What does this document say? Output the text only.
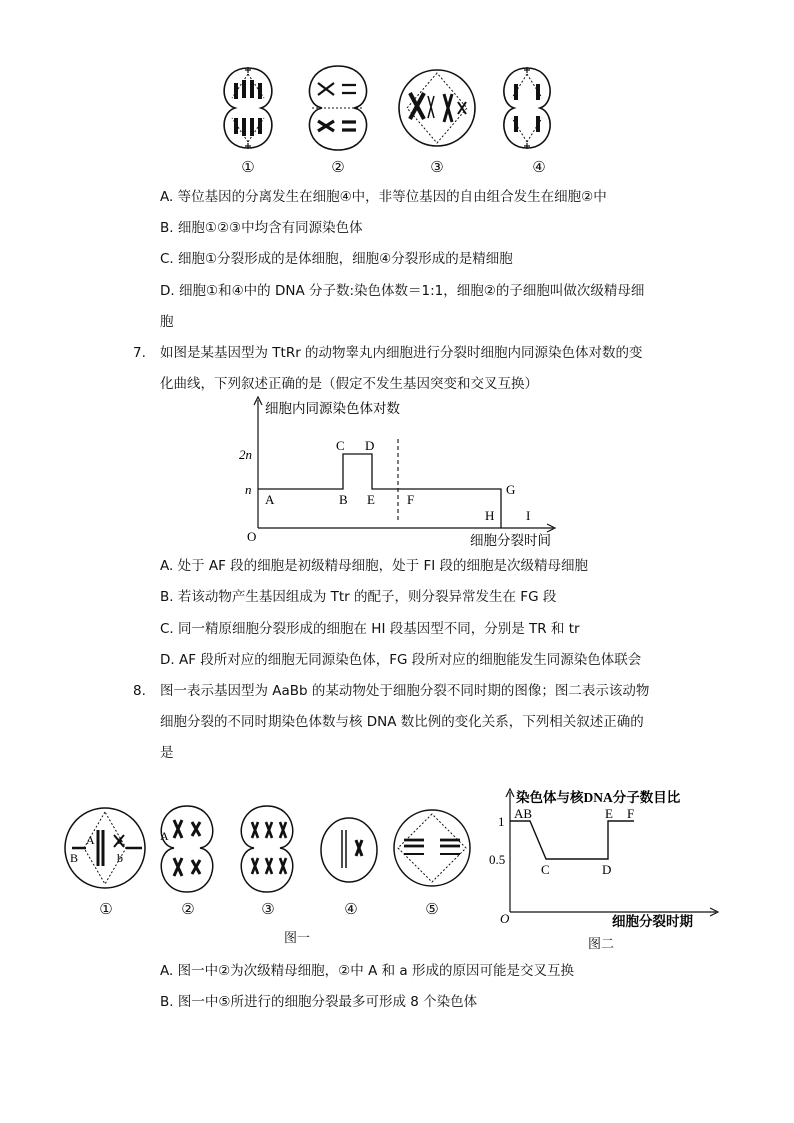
①	②	③	④
A. 等位基因的分离发生在细胞④中，非等位基因的自由组合发生在细胞②中
B. 细胞①②③中均含有同源染色体
C. 细胞①分裂形成的是体细胞，细胞④分裂形成的是精细胞
D. 细胞①和④中的 DNA 分子数:染色体数＝1:1，细胞②的子细胞叫做次级精母细
胞
7. 如图是某基因型为 TtRr 的动物睾丸内细胞进行分裂时细胞内同源染色体对数的变
化曲线，下列叙述正确的是（假定不发生基因突变和交叉互换）
细胞内同源染色体对数
2n
n
O
A	B
C D
E F
G
H I
细胞分裂时间
A. 处于 AF 段的细胞是初级精母细胞，处于 FI 段的细胞是次级精母细胞
B. 若该动物产生基因组成为 Ttr 的配子，则分裂异常发生在 FG 段
C. 同一精原细胞分裂形成的细胞在 HI 段基因型不同，分别是 TR 和 tr
D. AF 段所对应的细胞无同源染色体，FG 段所对应的细胞能发生同源染色体联会
8. 图一表示基因型为 AaBb 的某动物处于细胞分裂不同时期的图像；图二表示该动物
细胞分裂的不同时期染色体数与核 DNA 数比例的变化关系，下列相关叙述正确的
是
A a
B	b
A
①	②	③	④	⑤
图一
染色体与核DNA分子数目比
1
0.5
O
AB
C	D
E F
细胞分裂时期
图二
A. 图一中②为次级精母细胞，②中 A 和 a 形成的原因可能是交叉互换
B. 图一中⑤所进行的细胞分裂最多可形成 8 个染色体
